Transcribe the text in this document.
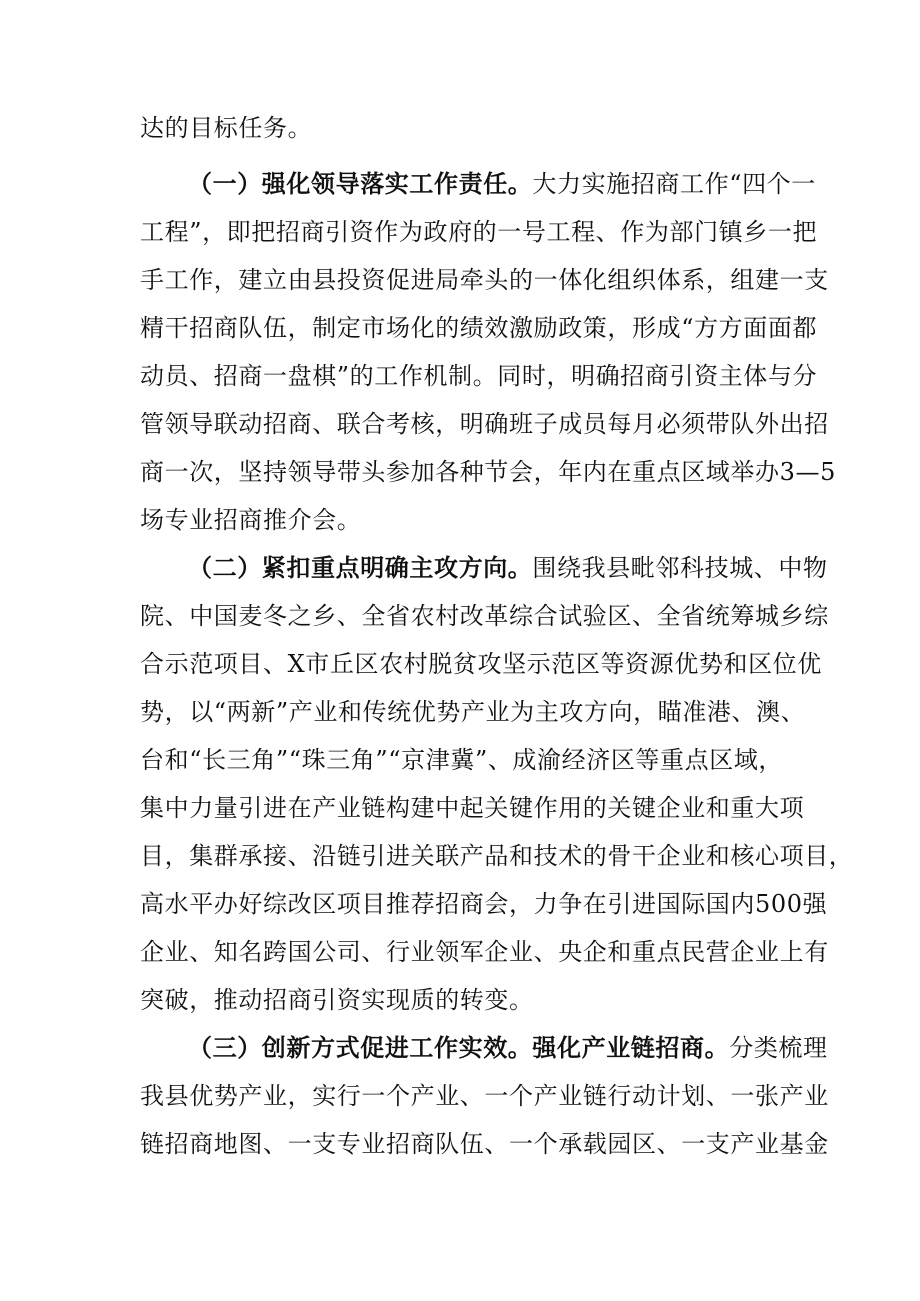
达的目标任务。
（一）强化领导落实工作责任。大力实施招商工作“四个一
工程”，即把招商引资作为政府的一号工程、作为部门镇乡一把
手工作，建立由县投资促进局牵头的一体化组织体系，组建一支
精干招商队伍，制定市场化的绩效激励政策，形成“方方面面都
动员、招商一盘棋”的工作机制。同时，明确招商引资主体与分
管领导联动招商、联合考核，明确班子成员每月必须带队外出招
商一次，坚持领导带头参加各种节会，年内在重点区域举办3—5
场专业招商推介会。
（二）紧扣重点明确主攻方向。围绕我县毗邻科技城、中物
院、中国麦冬之乡、全省农村改革综合试验区、全省统筹城乡综
合示范项目、X市丘区农村脱贫攻坚示范区等资源优势和区位优
势，以“两新”产业和传统优势产业为主攻方向，瞄准港、澳、
台和“长三角”“珠三角”“京津冀”、成渝经济区等重点区域，
集中力量引进在产业链构建中起关键作用的关键企业和重大项
目，集群承接、沿链引进关联产品和技术的骨干企业和核心项目，
高水平办好综改区项目推荐招商会，力争在引进国际国内500强
企业、知名跨国公司、行业领军企业、央企和重点民营企业上有
突破，推动招商引资实现质的转变。
（三）创新方式促进工作实效。强化产业链招商。分类梳理
我县优势产业，实行一个产业、一个产业链行动计划、一张产业
链招商地图、一支专业招商队伍、一个承载园区、一支产业基金
